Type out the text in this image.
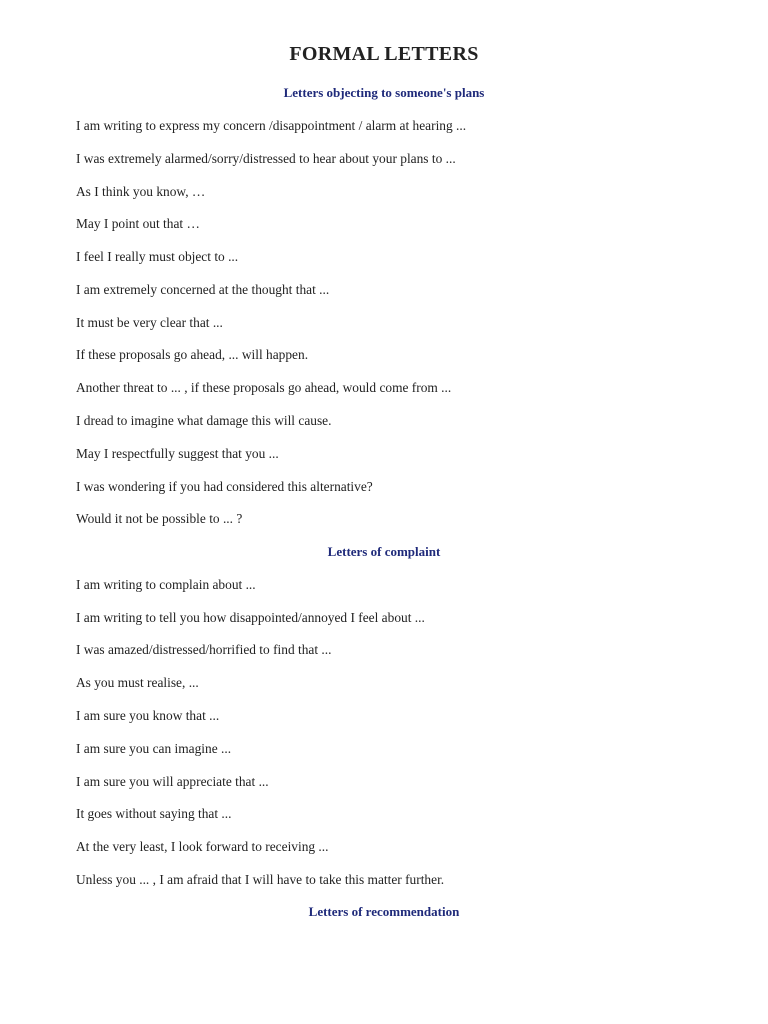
FORMAL LETTERS
Letters objecting to someone's plans
I am writing to express my concern /disappointment / alarm at hearing ...
I was extremely alarmed/sorry/distressed to hear about your plans to ...
As I think you know, …
May I point out that …
I feel I really must object to ...
I am extremely concerned at the thought that ...
It must be very clear that ...
If these proposals go ahead, ... will happen.
Another threat to ... , if these proposals go ahead, would come from ...
I dread to imagine what damage this will cause.
May I respectfully suggest that you ...
I was wondering if you had considered this alternative?
Would it not be possible to ... ?
Letters of complaint
I am writing to complain about ...
I am writing to tell you how disappointed/annoyed I feel about ...
I was amazed/distressed/horrified to find that ...
As you must realise, ...
I am sure you know that ...
I am sure you can imagine ...
I am sure you will appreciate that ...
It goes without saying that ...
At the very least, I look forward to receiving ...
Unless you ... , I am afraid that I will have to take this matter further.
Letters of recommendation
